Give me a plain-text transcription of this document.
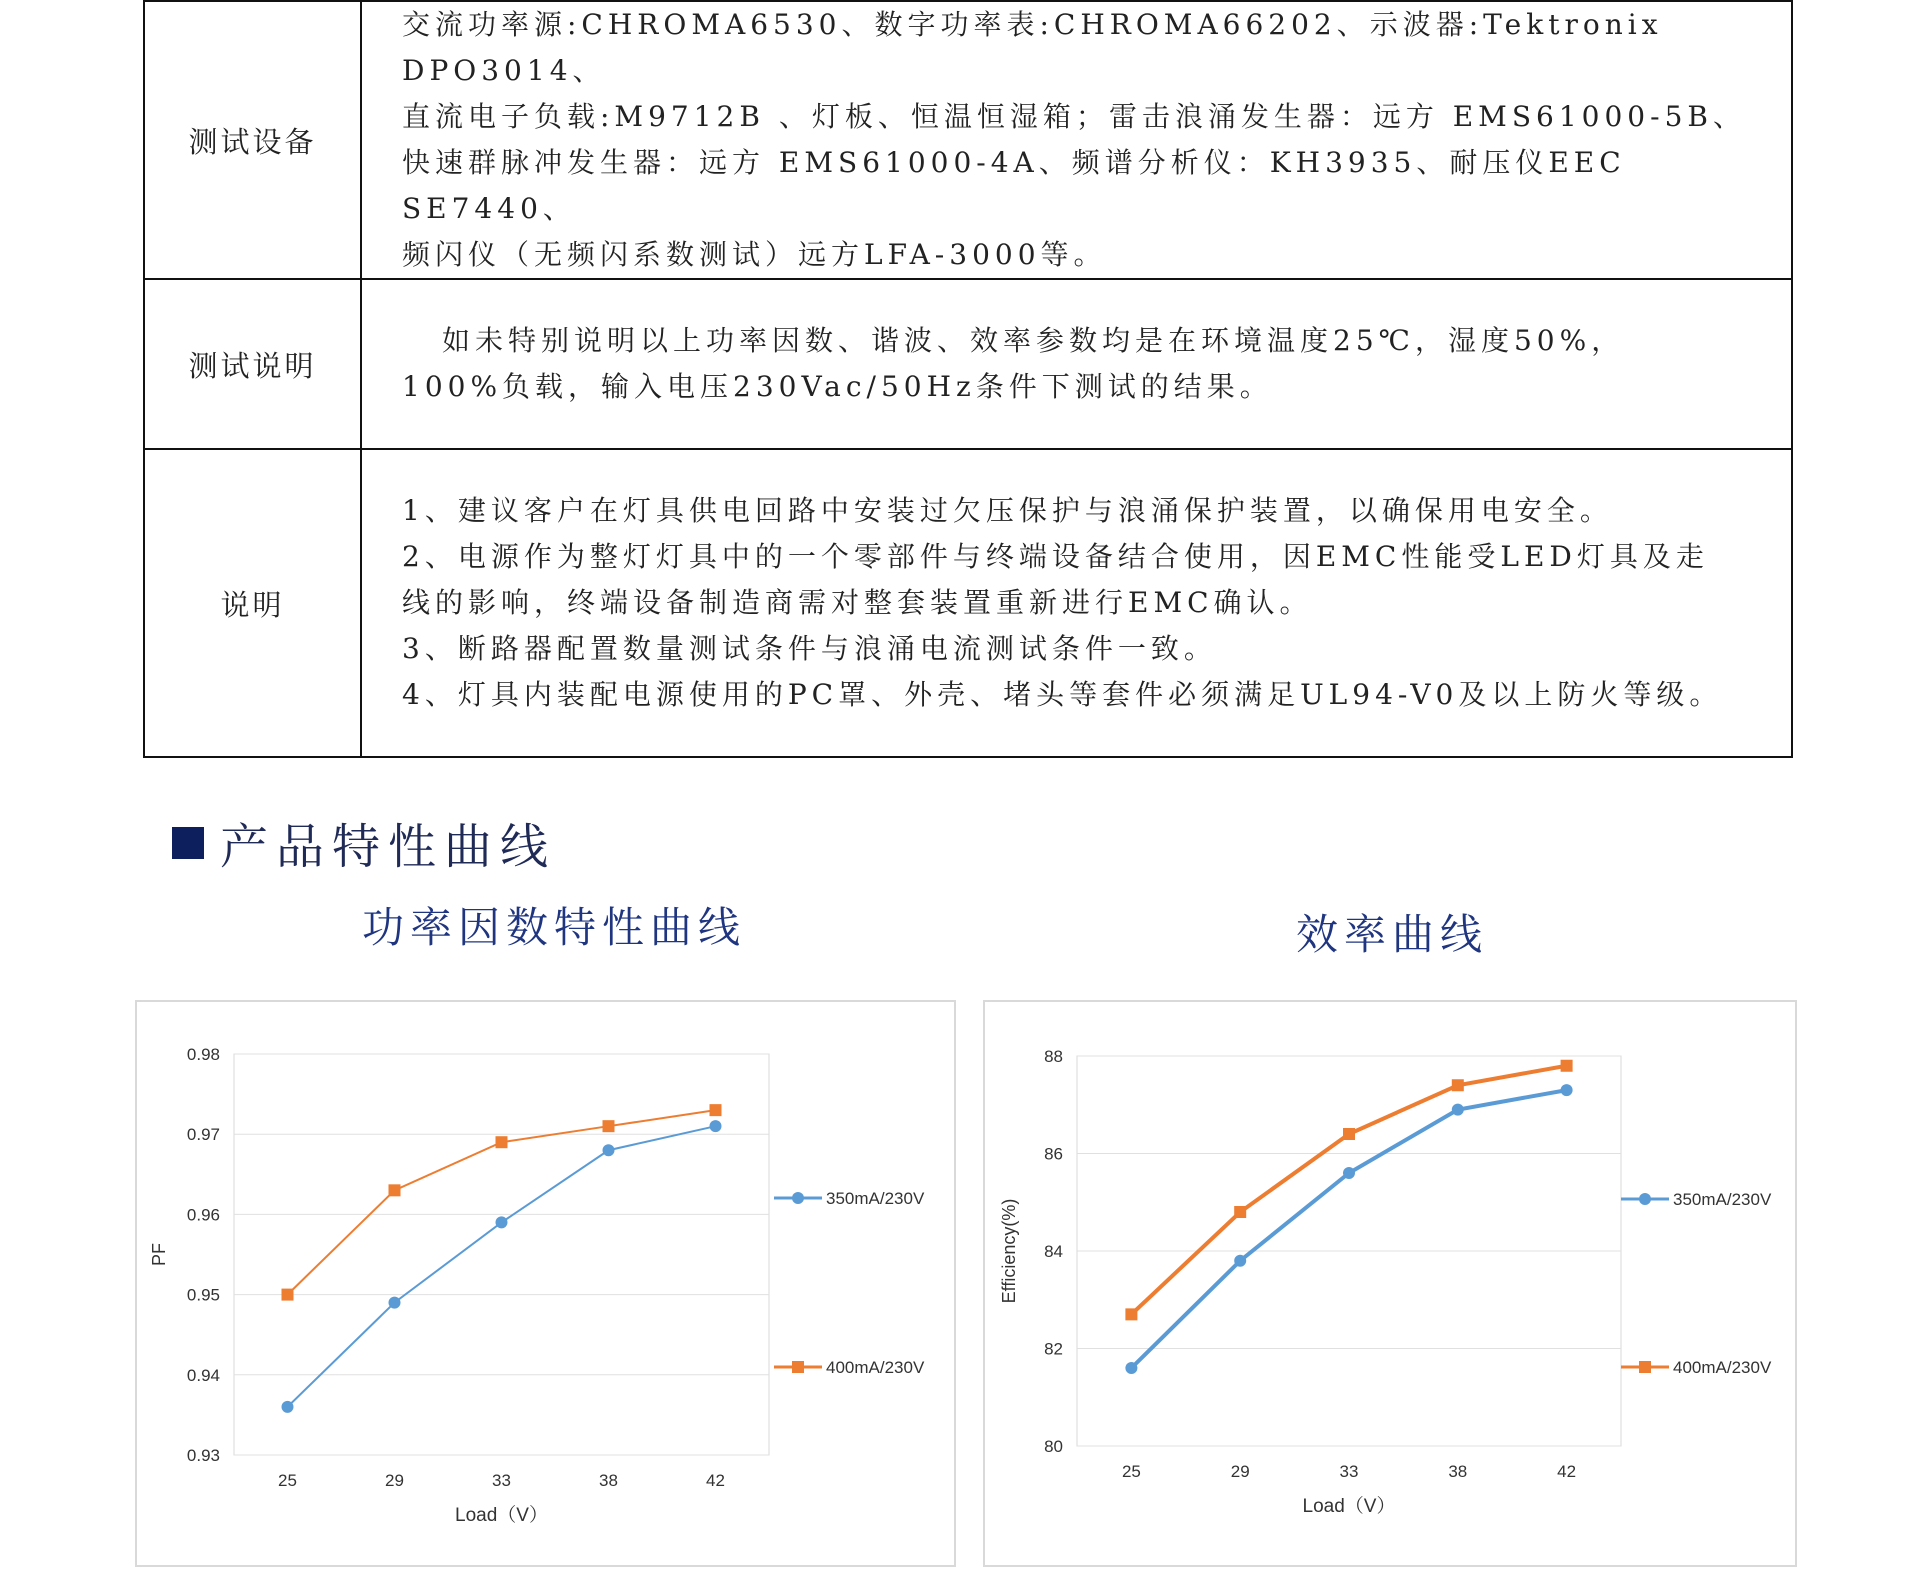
测试设备	交流功率源:CHROMA6530、数字功率表:CHROMA66202、示波器:Tektronix DPO3014、
直流电子负载:M9712B 、灯板、恒温恒湿箱；雷击浪涌发生器：远方 EMS61000-5B、
快速群脉冲发生器：远方 EMS61000-4A、频谱分析仪：KH3935、耐压仪EEC SE7440、
频闪仪（无频闪系数测试）远方LFA-3000等。

测试说明	如未特别说明以上功率因数、谐波、效率参数均是在环境温度25℃，湿度50%，
100%负载，输入电压230Vac/50Hz条件下测试的结果。

说明	1、建议客户在灯具供电回路中安装过欠压保护与浪涌保护装置，以确保用电安全。
2、电源作为整灯灯具中的一个零部件与终端设备结合使用，因EMC性能受LED灯具及走
线的影响，终端设备制造商需对整套装置重新进行EMC确认。
3、断路器配置数量测试条件与浪涌电流测试条件一致。
4、灯具内装配电源使用的PC罩、外壳、堵头等套件必须满足UL94-V0及以上防火等级。
产品特性曲线
功率因数特性曲线	效率曲线
0.98
0.97
0.96
0.95
0.94
0.93
25	29	33	38	42
Load（V）
PF
350mA/230V
400mA/230V
88
86
84
82
80
25	29	33	38	42
Load（V）
Efficiency(%)	350mA/230V
400mA/230V
